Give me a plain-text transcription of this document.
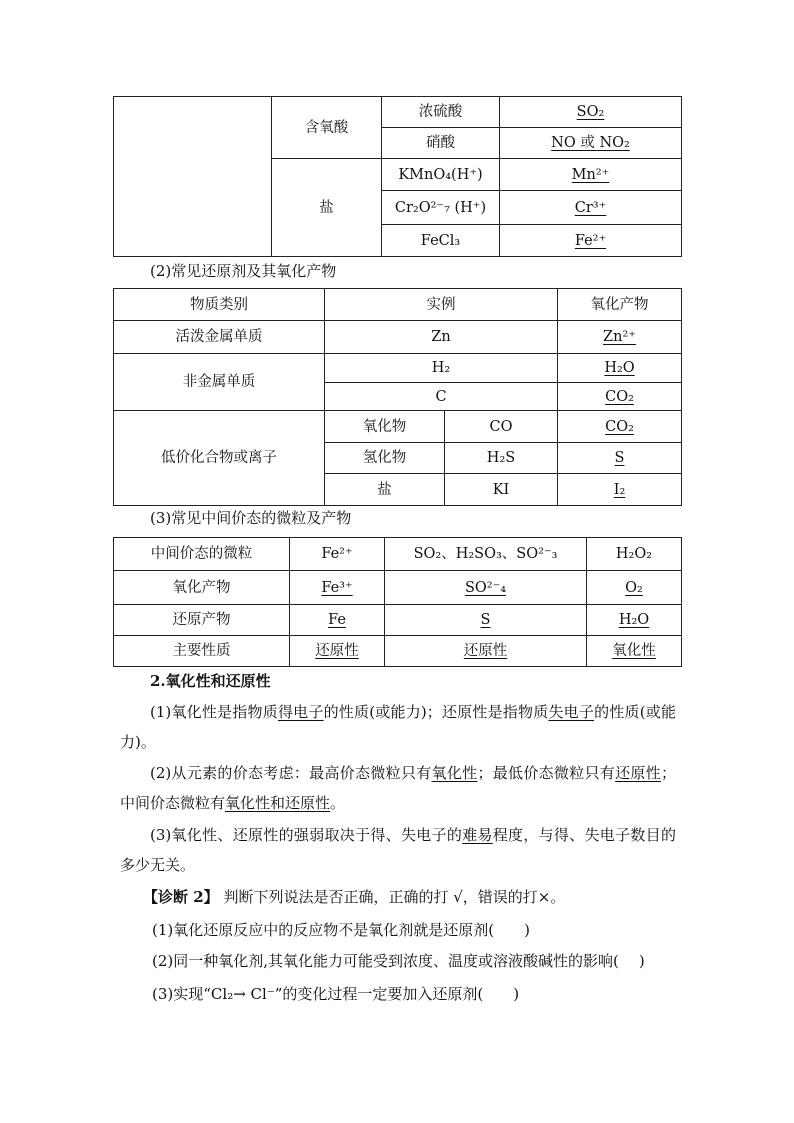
	含氧酸	浓硫酸	SO₂
		硝酸	NO 或 NO₂
	盐	KMnO₄(H⁺)	Mn²⁺
		Cr₂O²⁻₇ (H⁺)	Cr³⁺
		FeCl₃	Fe²⁺

(2)常见还原剂及其氧化产物

物质类别	实例		氧化产物
活泼金属单质	Zn		Zn²⁺
非金属单质	H₂		H₂O
	C		CO₂
低价化合物或离子	氧化物	CO	CO₂
	氢化物	H₂S	S
	盐	KI	I₂

(3)常见中间价态的微粒及产物

中间价态的微粒	Fe²⁺	SO₂、H₂SO₃、SO²⁻₃	H₂O₂
氧化产物	Fe³⁺	SO²⁻₄	O₂
还原产物	Fe	S	H₂O
主要性质	还原性	还原性	氧化性

2.氧化性和还原性

(1)氧化性是指物质得电子的性质(或能力)；还原性是指物质失电子的性质(或能力)。

(2)从元素的价态考虑：最高价态微粒只有氧化性；最低价态微粒只有还原性；中间价态微粒有氧化性和还原性。

(3)氧化性、还原性的强弱取决于得、失电子的难易程度，与得、失电子数目的多少无关。

【诊断 2】 判断下列说法是否正确，正确的打 √，错误的打×。

(1)氧化还原反应中的反应物不是氧化剂就是还原剂( )

(2)同一种氧化剂,其氧化能力可能受到浓度、温度或溶液酸碱性的影响( )

(3)实现“Cl₂→ Cl⁻”的变化过程一定要加入还原剂( )
